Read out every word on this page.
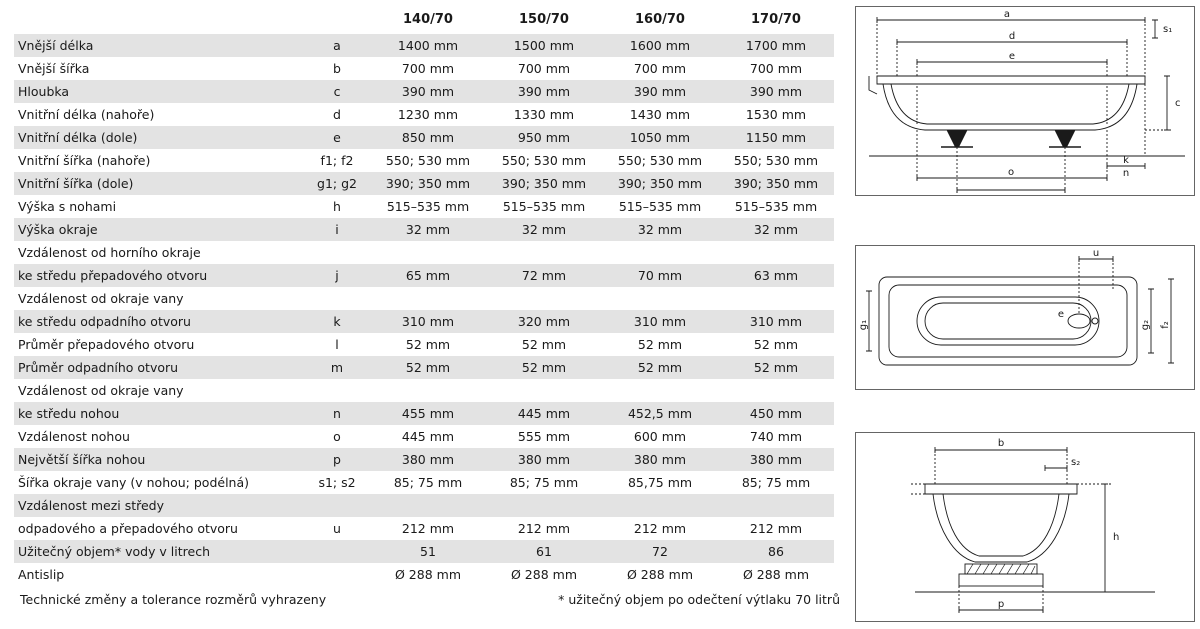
		140/70	150/70	160/70	170/70
Vnější délka	a	1400 mm	1500 mm	1600 mm	1700 mm
Vnější šířka	b	700 mm	700 mm	700 mm	700 mm
Hloubka	c	390 mm	390 mm	390 mm	390 mm
Vnitřní délka (nahoře)	d	1230 mm	1330 mm	1430 mm	1530 mm
Vnitřní délka (dole)	e	850 mm	950 mm	1050 mm	1150 mm
Vnitřní šířka (nahoře)	f1; f2	550; 530 mm	550; 530 mm	550; 530 mm	550; 530 mm
Vnitřní šířka (dole)	g1; g2	390; 350 mm	390; 350 mm	390; 350 mm	390; 350 mm
Výška s nohami	h	515–535 mm	515–535 mm	515–535 mm	515–535 mm
Výška okraje	i	32 mm	32 mm	32 mm	32 mm
Vzdálenost od horního okraje					
ke středu přepadového otvoru	j	65 mm	72 mm	70 mm	63 mm
Vzdálenost od okraje vany					
ke středu odpadního otvoru	k	310 mm	320 mm	310 mm	310 mm
Průměr přepadového otvoru	l	52 mm	52 mm	52 mm	52 mm
Průměr odpadního otvoru	m	52 mm	52 mm	52 mm	52 mm
Vzdálenost od okraje vany					
ke středu nohou	n	455 mm	445 mm	452,5 mm	450 mm
Vzdálenost nohou	o	445 mm	555 mm	600 mm	740 mm
Největší šířka nohou	p	380 mm	380 mm	380 mm	380 mm
Šířka okraje vany (v nohou; podélná)	s1; s2	85; 75 mm	85; 75 mm	85,75 mm	85; 75 mm
Vzdálenost mezi středy					
odpadového a přepadového otvoru	u	212 mm	212 mm	212 mm	212 mm
Užitečný objem* vody v litrech		51	61	72	86
Antislip		Ø 288 mm	Ø 288 mm	Ø 288 mm	Ø 288 mm
Technické změny a tolerance rozměrů vyhrazeny	* užitečný objem po odečtení výtlaku 70 litrů
a
d
e
s₁
c
k
n
o
u
g₁	g₂ f₂
e
b
s₂
h
p
